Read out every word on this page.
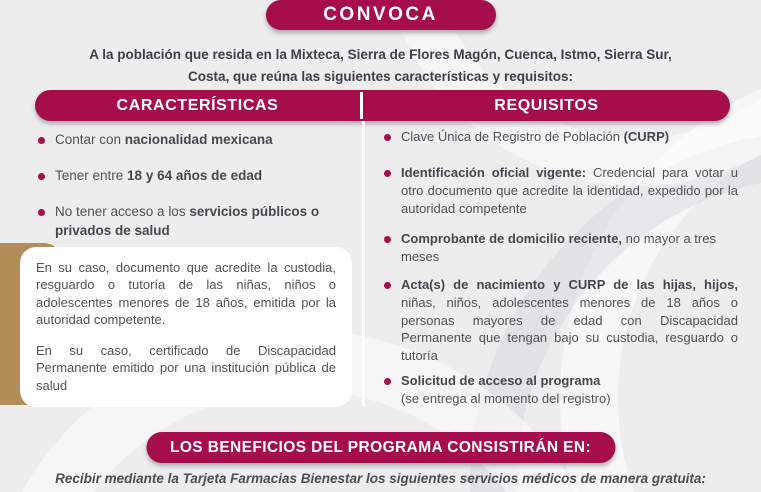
CONVOCA
A la población que resida en la Mixteca, Sierra de Flores Magón, Cuenca, Istmo, Sierra Sur, Costa, que reúna las siguientes características y requisitos:
CARACTERÍSTICAS	REQUISITOS
Contar con nacionalidad mexicana
Tener entre 18 y 64 años de edad
No tener acceso a los servicios públicos o privados de salud

En su caso, documento que acredite la custodia, resguardo o tutoría de las niñas, niños o adolescentes menores de 18 años, emitida por la autoridad competente.

En su caso, certificado de Discapacidad Permanente emitido por una institución pública de salud

Clave Única de Registro de Población (CURP)
Identificación oficial vigente: Credencial para votar u otro documento que acredite la identidad, expedido por la autoridad competente
Comprobante de domicilio reciente, no mayor a tres meses
Acta(s) de nacimiento y CURP de las hijas, hijos, niñas, niños, adolescentes menores de 18 años o personas mayores de edad con Discapacidad Permanente que tengan bajo su custodia, resguardo o tutoría
Solicitud de acceso al programa
(se entrega al momento del registro)
LOS BENEFICIOS DEL PROGRAMA CONSISTIRÁN EN:
Recibir mediante la Tarjeta Farmacias Bienestar los siguientes servicios médicos de manera gratuita:
